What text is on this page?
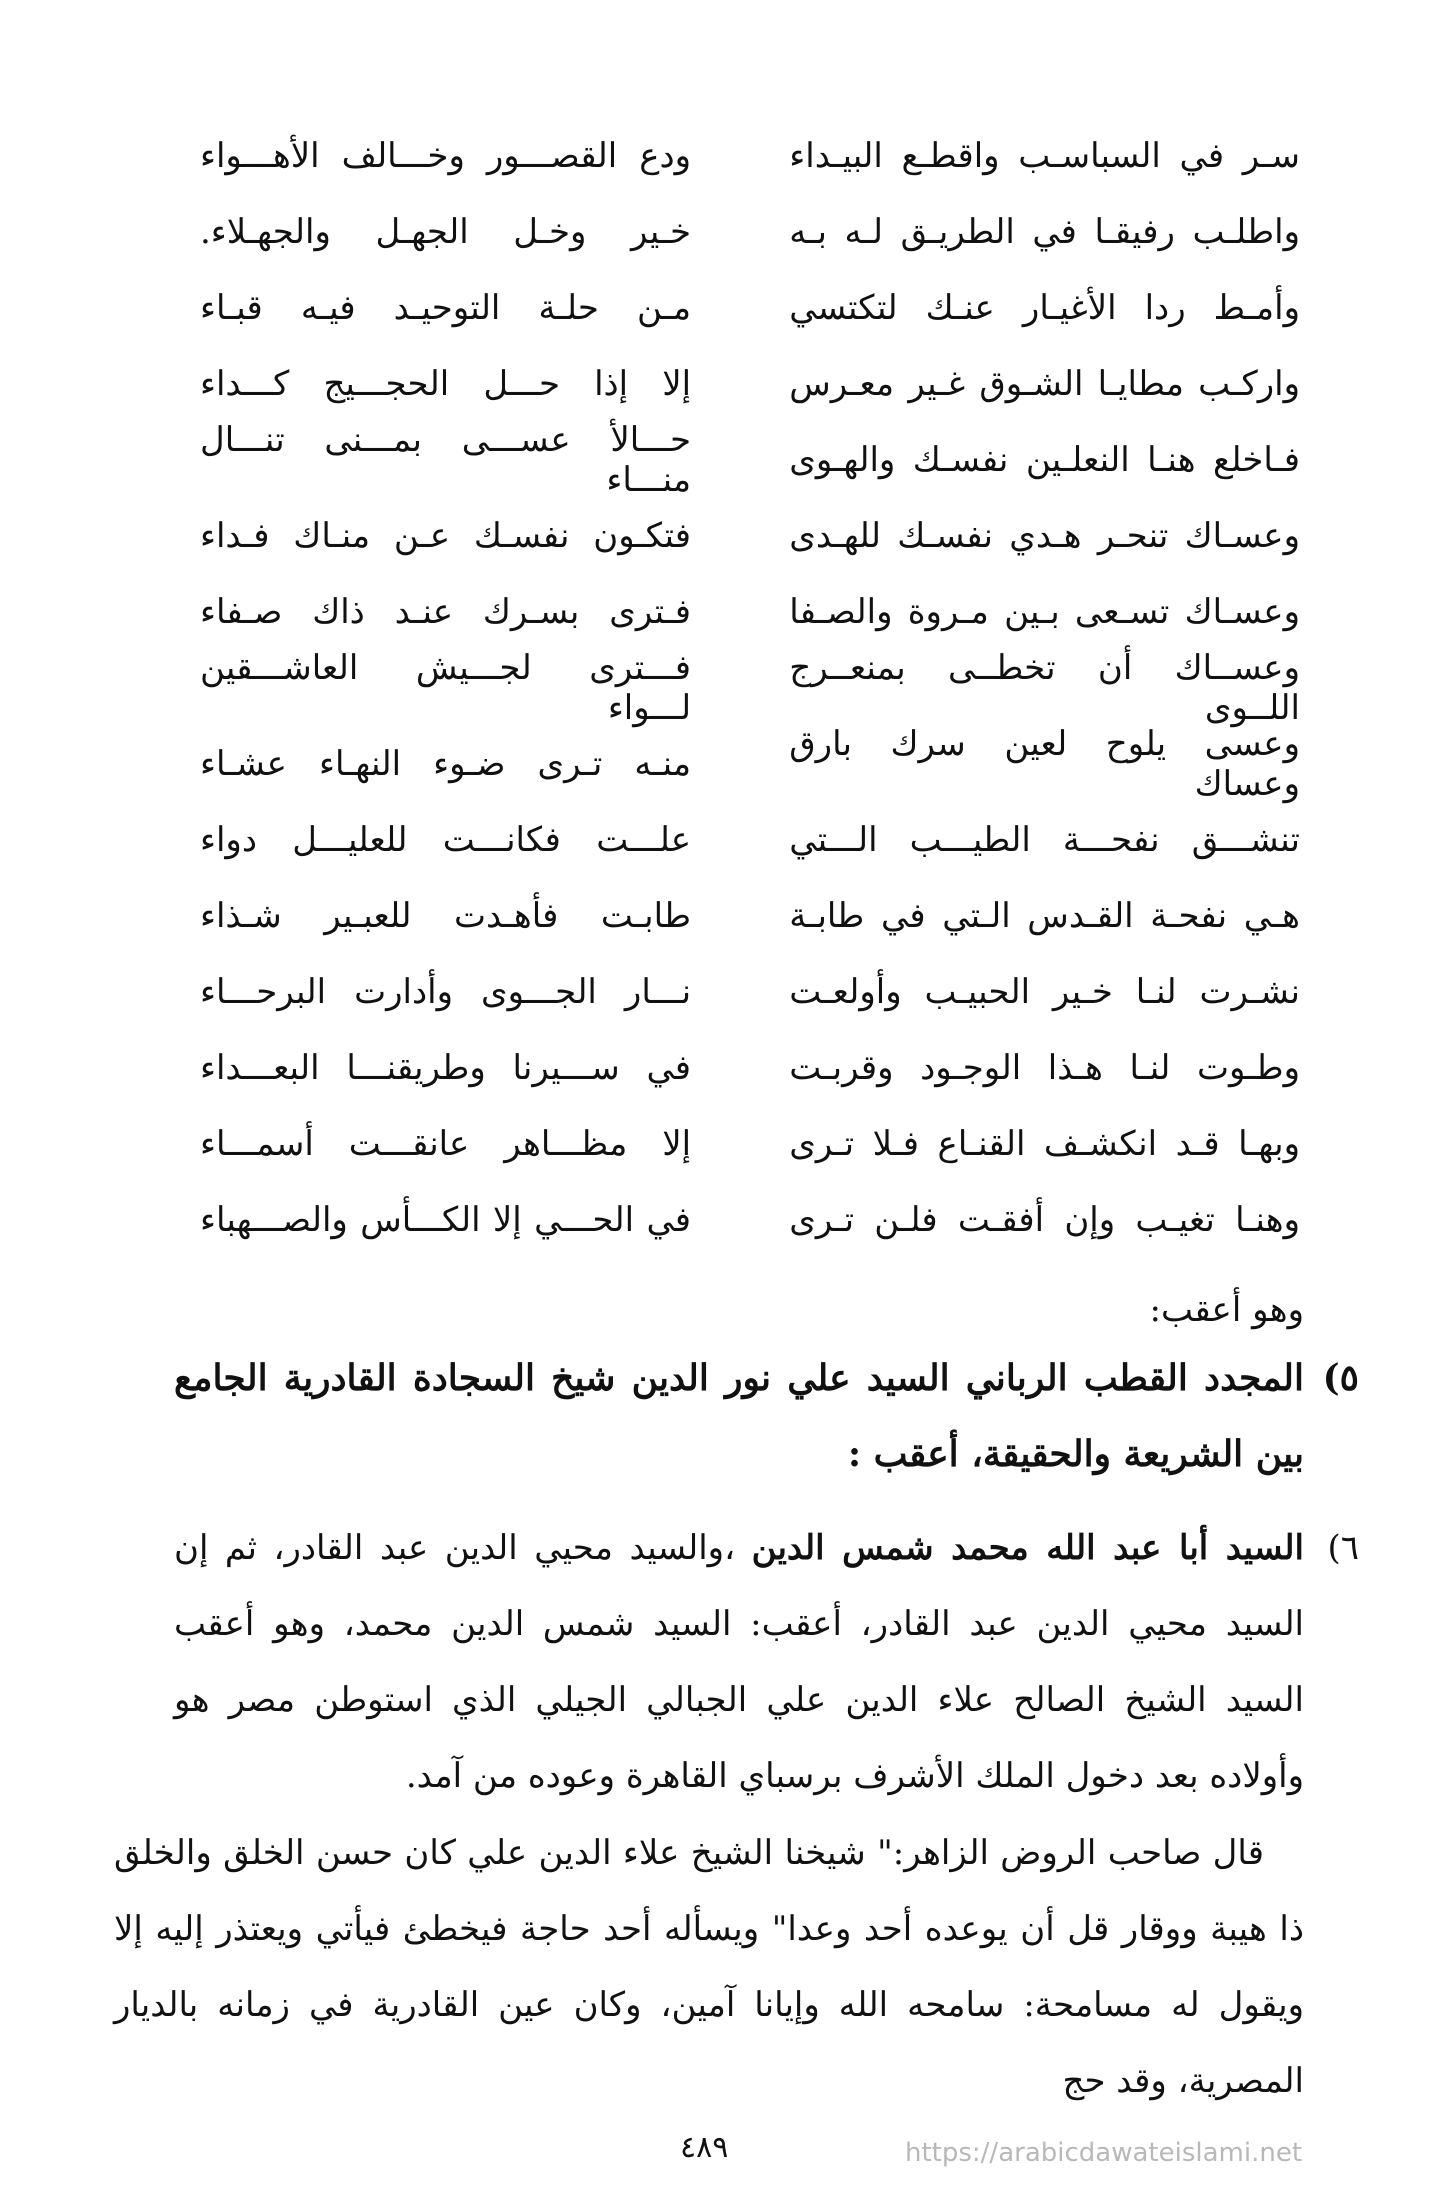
سـر في السباسـب واقطـع البيـداء
ودع القصـــور وخـــالف الأهـــواء
واطلـب رفيقـا في الطريـق لـه بـه
خـير وخـل الجهـل والجهـلاء.
وأمـط ردا الأغيـار عنـك لتكتسي
مـن حلـة التوحيـد فيـه قبـاء
واركـب مطايـا الشـوق غـير معـرس
إلا إذا حـــل الحجـــيج كـــداء
فـاخلع هنـا النعلـين نفسـك والهـوى
حـــالأ عســـى بمـــنى تنـــال منـــاء
وعسـاك تنحـر هـدي نفسـك للهـدى
فتكـون نفسـك عـن منـاك فـداء
وعسـاك تسـعى بـين مـروة والصـفا
فـترى بسـرك عنـد ذاك صـفاء
وعســاك أن تخطــى بمنعــرج اللــوى
فـــترى لجـــيش العاشـــقين لـــواء
وعسى يلوح لعين سرك بارق وعساك
منـه تـرى ضـوء النهـاء عشـاء
تنشـــق نفحـــة الطيـــب الـــتي
علـــت فكانـــت للعليـــل دواء
هـي نفحـة القـدس الـتي في طابـة
طابـت فأهـدت للعبـير شـذاء
نشـرت لنـا خـير الحبيـب وأولعـت
نـــار الجـــوى وأدارت البرحـــاء
وطـوت لنـا هـذا الوجـود وقربـت
في ســـيرنا وطريقنـــا البعـــداء
وبهـا قـد انكشـف القنـاع فـلا تـرى
إلا مظـــاهر عانقـــت أسمـــاء
وهنـا تغيـب وإن أفقـت فلـن تـرى
في الحـــي إلا الكـــأس والصـــهباء
وهو أعقب:
٥)
المجدد القطب الرباني السيد علي نور الدين شيخ السجادة القادرية الجامع بين الشريعة والحقيقة، أعقب :
٦)
السيد أبا عبد الله محمد شمس الدين ،والسيد محيي الدين عبد القادر، ثم إن السيد محيي الدين عبد القادر، أعقب: السيد شمس الدين محمد، وهو أعقب السيد الشيخ الصالح علاء الدين علي الجبالي الجيلي الذي استوطن مصر هو وأولاده بعد دخول الملك الأشرف برسباي القاهرة وعوده من آمد.
قال صاحب الروض الزاهر:" شيخنا الشيخ علاء الدين علي كان حسن الخلق والخلق ذا هيبة ووقار قل أن يوعده أحد وعدا" ويسأله أحد حاجة فيخطئ فيأتي ويعتذر إليه إلا ويقول له مسامحة: سامحه الله وإيانا آمين، وكان عين القادرية في زمانه بالديار المصرية، وقد حج
٤٨٩	https://arabicdawateislami.net
